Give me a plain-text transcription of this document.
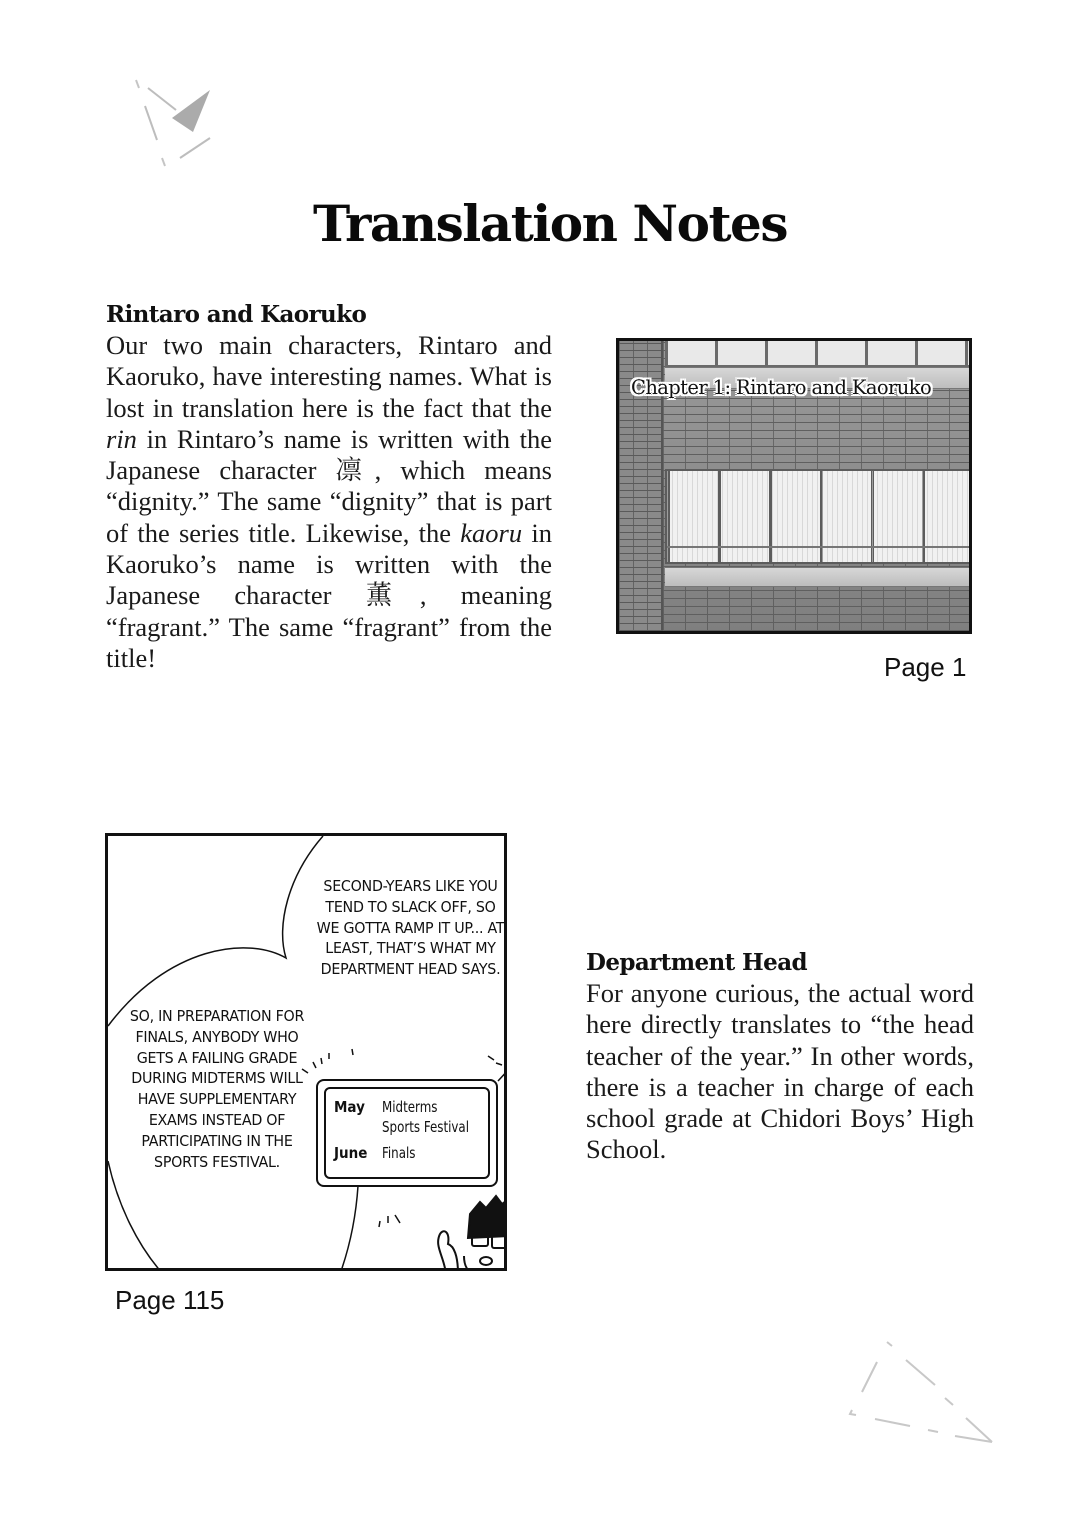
Translation Notes
Rintaro and Kaoruko

Our two main characters, Rintaro and Kaoruko, have interesting names. What is lost in translation here is the fact that the rin in Rintaro’s name is written with the Japanese character 凛, which means “dignity.” The same “dignity” that is part of the series title. Likewise, the kaoru in Kaoruko’s name is written with the Japanese character 薫, meaning “fragrant.” The same “fragrant” from the title!

Chapter 1: Rintaro and Kaoruko
Page 1
SECOND-YEARS LIKE YOU TEND TO SLACK OFF, SO WE GOTTA RAMP IT UP... AT LEAST, THAT’S WHAT MY DEPARTMENT HEAD SAYS.
SO, IN PREPARATION FOR FINALS, ANYBODY WHO GETS A FAILING GRADE DURING MIDTERMS WILL HAVE SUPPLEMENTARY EXAMS INSTEAD OF PARTICIPATING IN THE SPORTS FESTIVAL.
May	Midterms
Sports Festival
June Finals
Page 115
Department Head

For anyone curious, the actual word here directly translates to “the head teacher of the year.” In other words, there is a teacher in charge of each school grade at Chidori Boys’ High School.
